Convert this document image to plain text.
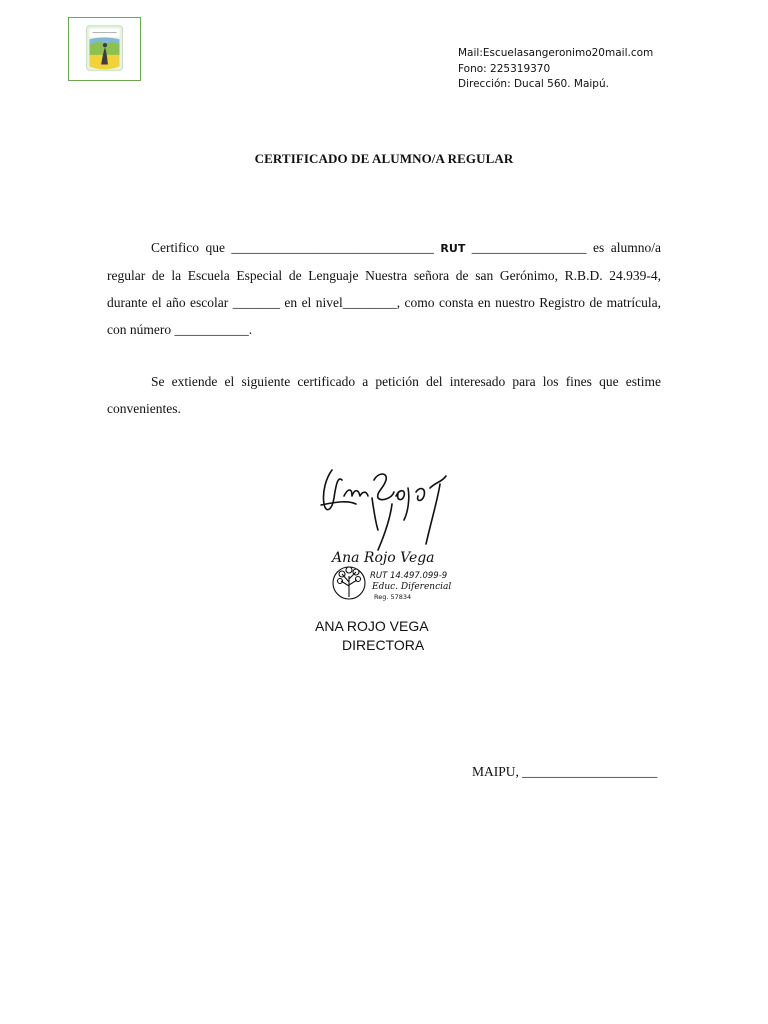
Mail:Escuelasangeronimo20mail.com
Fono: 225319370
Dirección: Ducal 560. Maipú.
CERTIFICADO DE ALUMNO/A REGULAR
Certifico que ______________________________ RUT _________________ es alumno/a regular de la Escuela Especial de Lenguaje Nuestra señora de san Gerónimo, R.B.D. 24.939-4, durante el año escolar _______ en el nivel________, como consta en nuestro Registro de matrícula, con número ___________.
Se extiende el siguiente certificado a petición del interesado para los fines que estime convenientes.
Ana Rojo Vega
RUT 14.497.099-9
Educ. Diferencial
Reg. 57834
ANA ROJO VEGA
DIRECTORA
MAIPU, ____________________
